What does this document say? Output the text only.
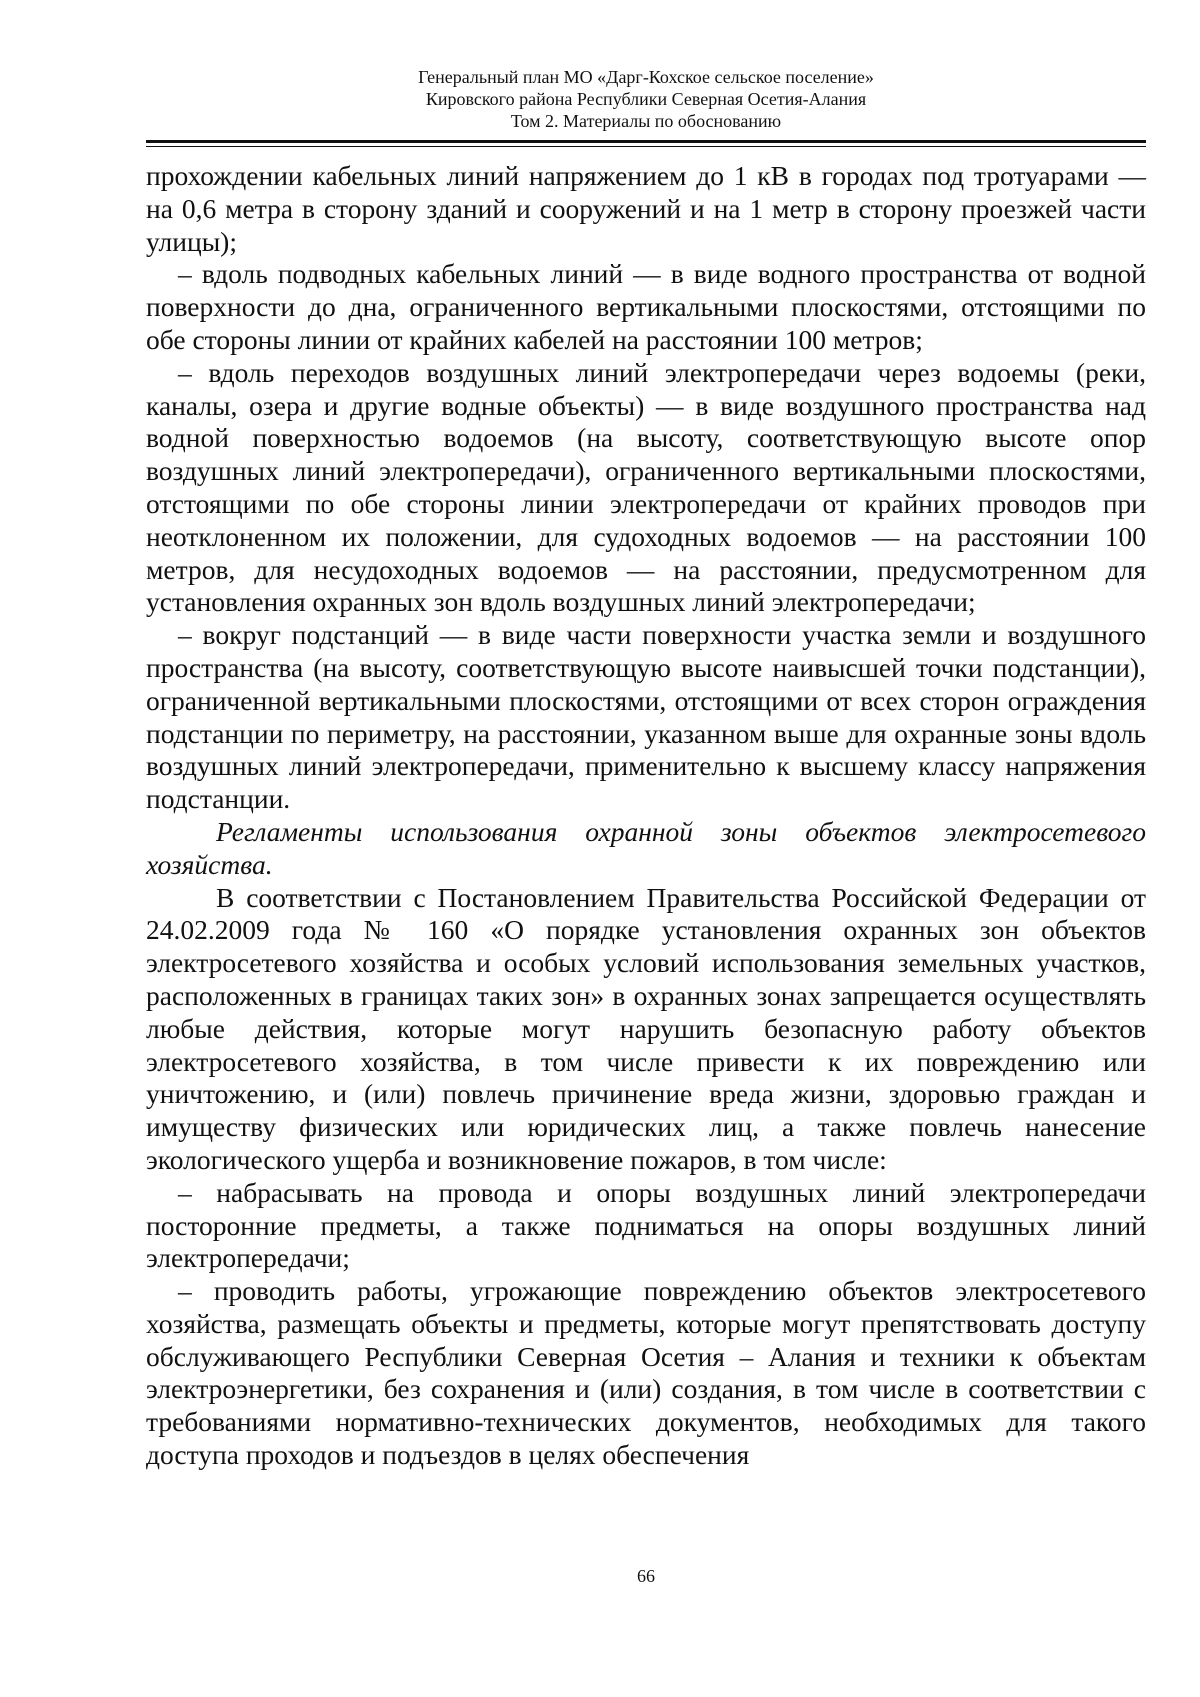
Генеральный план МО «Дарг-Кохское сельское поселение»
Кировского района Республики Северная Осетия-Алания
Том 2. Материалы по обоснованию

прохождении кабельных линий напряжением до 1 кВ в городах под тротуарами — на 0,6 метра в сторону зданий и сооружений и на 1 метр в сторону проезжей части улицы);

– вдоль подводных кабельных линий — в виде водного пространства от водной поверхности до дна, ограниченного вертикальными плоскостями, отстоящими по обе стороны линии от крайних кабелей на расстоянии 100 метров;

– вдоль переходов воздушных линий электропередачи через водоемы (реки, каналы, озера и другие водные объекты) — в виде воздушного пространства над водной поверхностью водоемов (на высоту, соответствующую высоте опор воздушных линий электропередачи), ограниченного вертикальными плоскостями, отстоящими по обе стороны линии электропередачи от крайних проводов при неотклоненном их положении, для судоходных водоемов — на расстоянии 100 метров, для несудоходных водоемов — на расстоянии, предусмотренном для установления охранных зон вдоль воздушных линий электропередачи;

– вокруг подстанций — в виде части поверхности участка земли и воздушного пространства (на высоту, соответствующую высоте наивысшей точки подстанции), ограниченной вертикальными плоскостями, отстоящими от всех сторон ограждения подстанции по периметру, на расстоянии, указанном выше для охранные зоны вдоль воздушных линий электропередачи, применительно к высшему классу напряжения подстанции.

Регламенты использования охранной зоны объектов электросетевого хозяйства.

В соответствии с Постановлением Правительства Российской Федерации от 24.02.2009 года № 160 «О порядке установления охранных зон объектов электросетевого хозяйства и особых условий использования земельных участков, расположенных в границах таких зон» в охранных зонах запрещается осуществлять любые действия, которые могут нарушить безопасную работу объектов электросетевого хозяйства, в том числе привести к их повреждению или уничтожению, и (или) повлечь причинение вреда жизни, здоровью граждан и имуществу физических или юридических лиц, а также повлечь нанесение экологического ущерба и возникновение пожаров, в том числе:

– набрасывать на провода и опоры воздушных линий электропередачи посторонние предметы, а также подниматься на опоры воздушных линий электропередачи;

– проводить работы, угрожающие повреждению объектов электросетевого хозяйства, размещать объекты и предметы, которые могут препятствовать доступу обслуживающего Республики Северная Осетия – Алания и техники к объектам электроэнергетики, без сохранения и (или) создания, в том числе в соответствии с требованиями нормативно-технических документов, необходимых для такого доступа проходов и подъездов в целях обеспечения

66
